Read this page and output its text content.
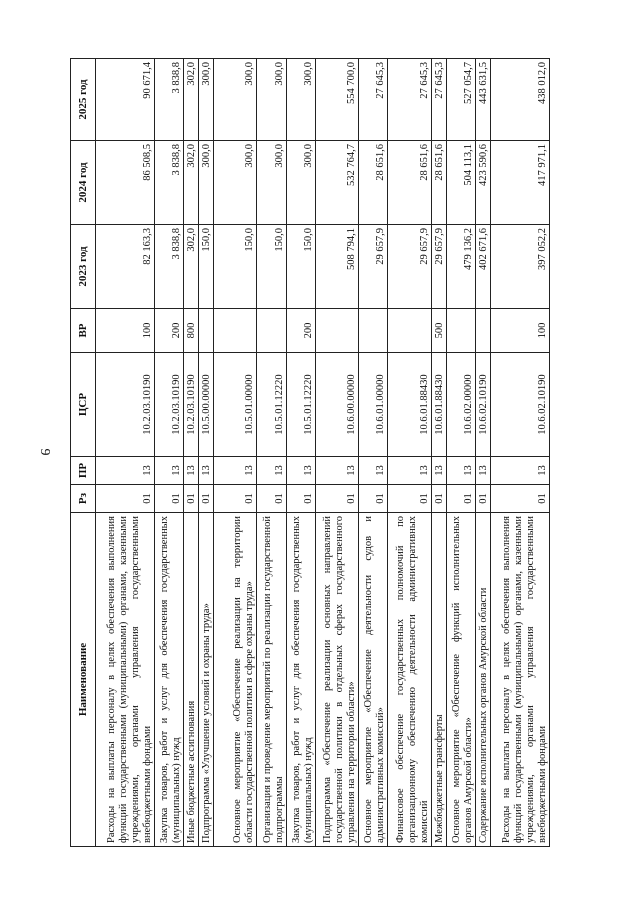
9
Наименование	Рз	ПР	ЦСР	ВР	2023 год	2024 год	2025 год
Расходы на выплаты персоналу в целях обеспечения выполнения функций государственными (муниципальными) органами, казенными учреждениями, органами управления государственными внебюджетными фондами	01	13	10.2.03.10190	100	82 163,3	86 508,5	90 671,4
Закупка товаров, работ и услуг для обеспечения государственных (муниципальных) нужд	01	13	10.2.03.10190	200	3 838,8	3 838,8	3 838,8
Иные бюджетные ассигнования	01	13	10.2.03.10190	800	302,0	302,0	302,0
Подпрограмма «Улучшение условий и охраны труда»	01	13	10.5.00.00000		150,0	300,0	300,0
Основное мероприятие «Обеспечение реализации на территории области государственной политики в сфере охраны труда»	01	13	10.5.01.00000		150,0	300,0	300,0
Организация и проведение мероприятий по реализации государственной подпрограммы	01	13	10.5.01.12220		150,0	300,0	300,0
Закупка товаров, работ и услуг для обеспечения государственных (муниципальных) нужд	01	13	10.5.01.12220	200	150,0	300,0	300,0
Подпрограмма «Обеспечение реализации основных направлений государственной политики в отдельных сферах государственного управления на территории области»	01	13	10.6.00.00000		508 794,1	532 764,7	554 700,0
Основное мероприятие «Обеспечение деятельности судов и административных комиссий»	01	13	10.6.01.00000		29 657,9	28 651,6	27 645,3
Финансовое обеспечение государственных полномочий по организационному обеспечению деятельности административных комиссий	01	13	10.6.01.88430		29 657,9	28 651,6	27 645,3
Межбюджетные трансферты	01	13	10.6.01.88430	500	29 657,9	28 651,6	27 645,3
Основное мероприятие «Обеспечение функций исполнительных органов Амурской области»	01	13	10.6.02.00000		479 136,2	504 113,1	527 054,7
Содержание исполнительных органов Амурской области	01	13	10.6.02.10190		402 671,6	423 590,6	443 631,5
Расходы на выплаты персоналу в целях обеспечения выполнения функций государственными (муниципальными) органами, казенными учреждениями, органами управления государственными внебюджетными фондами	01	13	10.6.02.10190	100	397 052,2	417 971,1	438 012,0
